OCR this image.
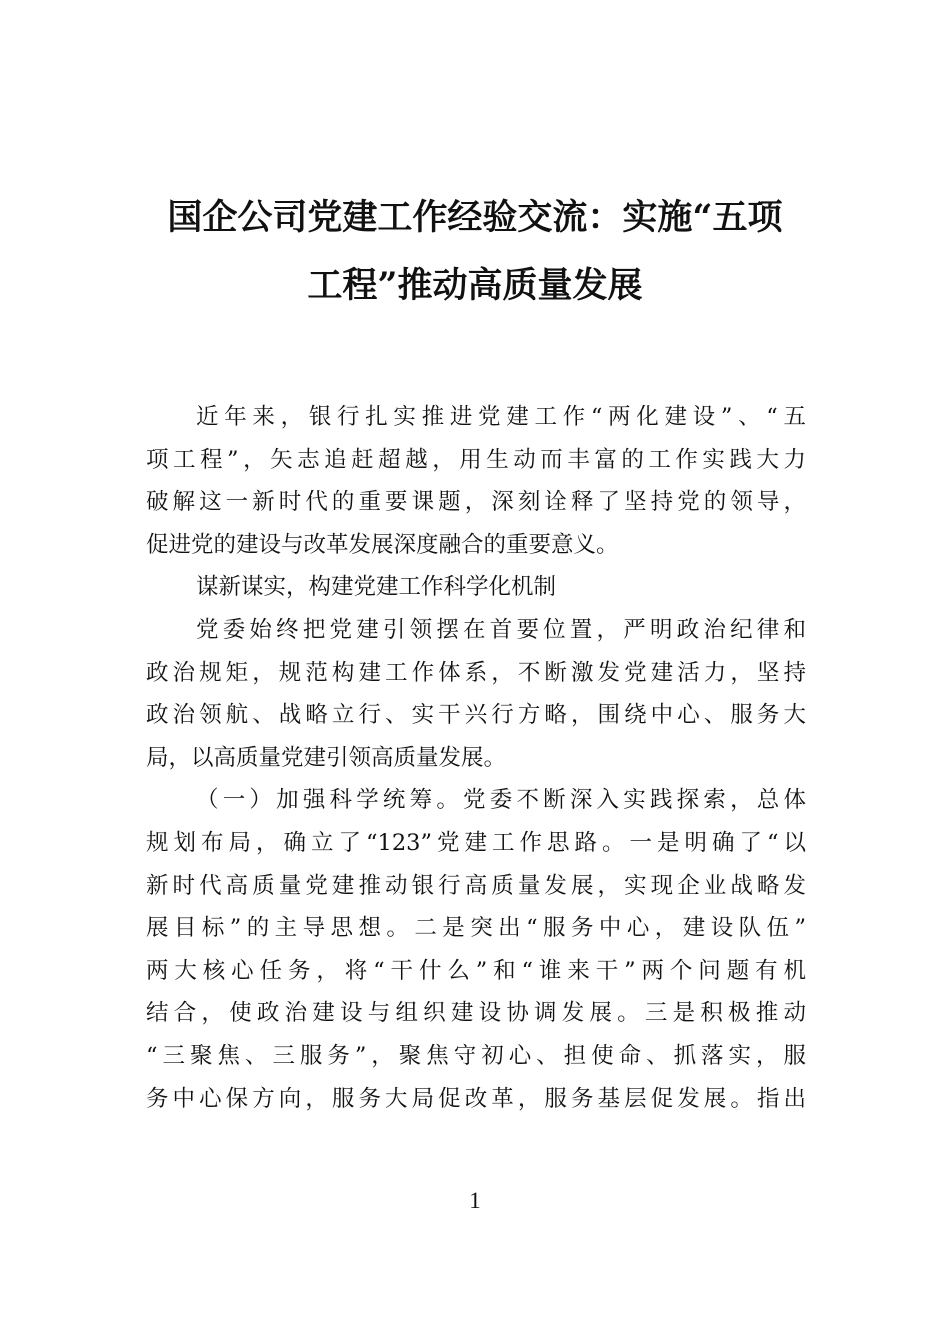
国企公司党建工作经验交流：实施“五项
工程”推动高质量发展
近年来，银行扎实推进党建工作“两化建设”、“五
项工程”，矢志追赶超越，用生动而丰富的工作实践大力
破解这一新时代的重要课题，深刻诠释了坚持党的领导，
促进党的建设与改革发展深度融合的重要意义。
谋新谋实，构建党建工作科学化机制
党委始终把党建引领摆在首要位置，严明政治纪律和
政治规矩，规范构建工作体系，不断激发党建活力，坚持
政治领航、战略立行、实干兴行方略，围绕中心、服务大
局，以高质量党建引领高质量发展。
（一）加强科学统筹。党委不断深入实践探索，总体
规划布局，确立了“123”党建工作思路。一是明确了“以
新时代高质量党建推动银行高质量发展，实现企业战略发
展目标”的主导思想。二是突出“服务中心，建设队伍”
两大核心任务，将“干什么”和“谁来干”两个问题有机
结合，使政治建设与组织建设协调发展。三是积极推动
“三聚焦、三服务”，聚焦守初心、担使命、抓落实，服
务中心保方向，服务大局促改革，服务基层促发展。指出
1
